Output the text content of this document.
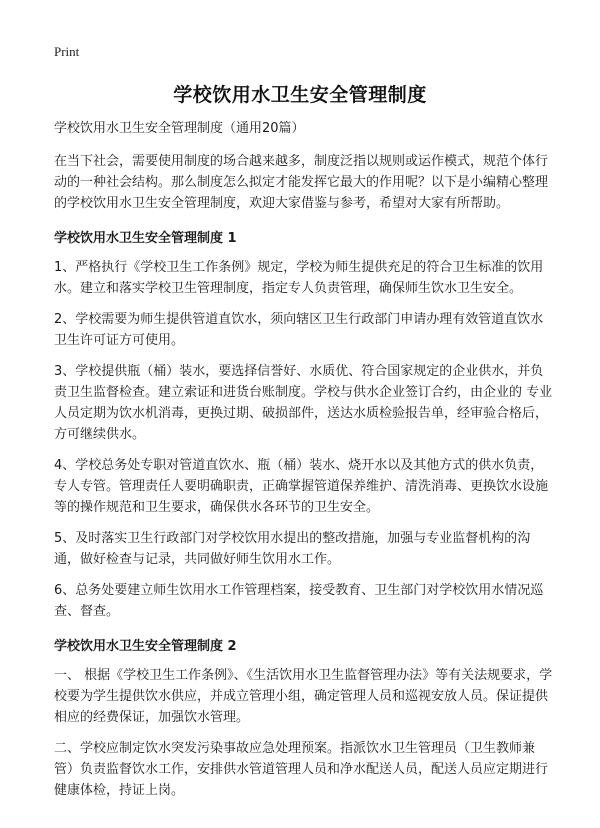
Print
学校饮用水卫生安全管理制度

学校饮用水卫生安全管理制度（通用20篇）

在当下社会，需要使用制度的场合越来越多，制度泛指以规则或运作模式，规范个体行动的一种社会结构。那么制度怎么拟定才能发挥它最大的作用呢？以下是小编精心整理的学校饮用水卫生安全管理制度，欢迎大家借鉴与参考，希望对大家有所帮助。

学校饮用水卫生安全管理制度 1

1、严格执行《学校卫生工作条例》规定，学校为师生提供充足的符合卫生标准的饮用水。建立和落实学校卫生管理制度，指定专人负责管理，确保师生饮水卫生安全。

2、学校需要为师生提供管道直饮水，须向辖区卫生行政部门申请办理有效管道直饮水卫生许可证方可使用。

3、学校提供瓶（桶）装水，要选择信誉好、水质优、符合国家规定的企业供水，并负责卫生监督检查。建立索证和进货台账制度。学校与供水企业签订合约，由企业的 专业人员定期为饮水机消毒，更换过期、破损部件，送达水质检验报告单，经审验合格后，方可继续供水。

4、学校总务处专职对管道直饮水、瓶（桶）装水、烧开水以及其他方式的供水负责，专人专管。管理责任人要明确职责，正确掌握管道保养维护、清洗消毒、更换饮水设施等的操作规范和卫生要求，确保供水各环节的卫生安全。

5、及时落实卫生行政部门对学校饮用水提出的整改措施，加强与专业监督机构的沟通，做好检查与记录，共同做好师生饮用水工作。

6、总务处要建立师生饮用水工作管理档案，接受教育、卫生部门对学校饮用水情况巡查、督查。

学校饮用水卫生安全管理制度 2

一、 根据《学校卫生工作条例》、《生活饮用水卫生监督管理办法》等有关法规要求，学校要为学生提供饮水供应，并成立管理小组，确定管理人员和巡视安放人员。保证提供相应的经费保证，加强饮水管理。

二、学校应制定饮水突发污染事故应急处理预案。指派饮水卫生管理员（卫生教师兼管）负责监督饮水工作，安排供水管道管理人员和净水配送人员，配送人员应定期进行健康体检，持证上岗。
